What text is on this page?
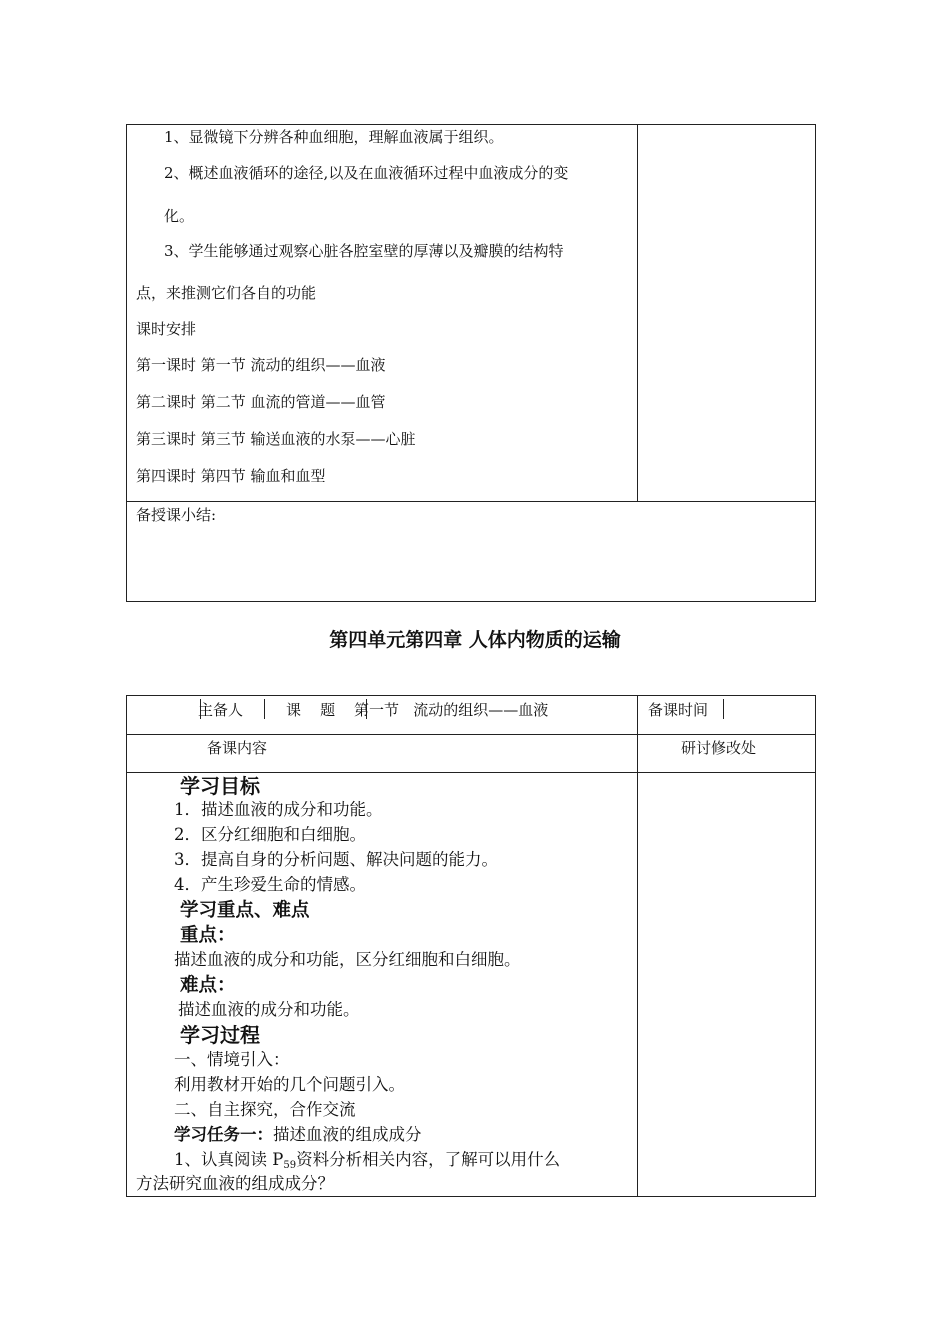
1、显微镜下分辨各种血细胞，理解血液属于组织。
2、概述血液循环的途径,以及在血液循环过程中血液成分的变
化。
3、学生能够通过观察心脏各腔室壁的厚薄以及瓣膜的结构特
点，来推测它们各自的功能
课时安排
第一课时 第一节 流动的组织——血液
第二课时 第二节 血流的管道——血管
第三课时 第三节 输送血液的水泵——心脏
第四课时 第四节 输血和血型
备授课小结:
第四单元第四章 人体内物质的运输
主备人	课    题 第一节   流动的组织——血液	备课时间
备课内容	研讨修改处
学习目标
1．描述血液的成分和功能。
2．区分红细胞和白细胞。
3．提高自身的分析问题、解决问题的能力。
4．产生珍爱生命的情感。
学习重点、难点
重点：
描述血液的成分和功能，区分红细胞和白细胞。
难点：
描述血液的成分和功能。
学习过程
一、情境引入：
利用教材开始的几个问题引入。
二、自主探究，合作交流
学习任务一：描述血液的组成成分
1、认真阅读 $P_{59}$资料分析相关内容，了解可以用什么
方法研究血液的组成成分？
